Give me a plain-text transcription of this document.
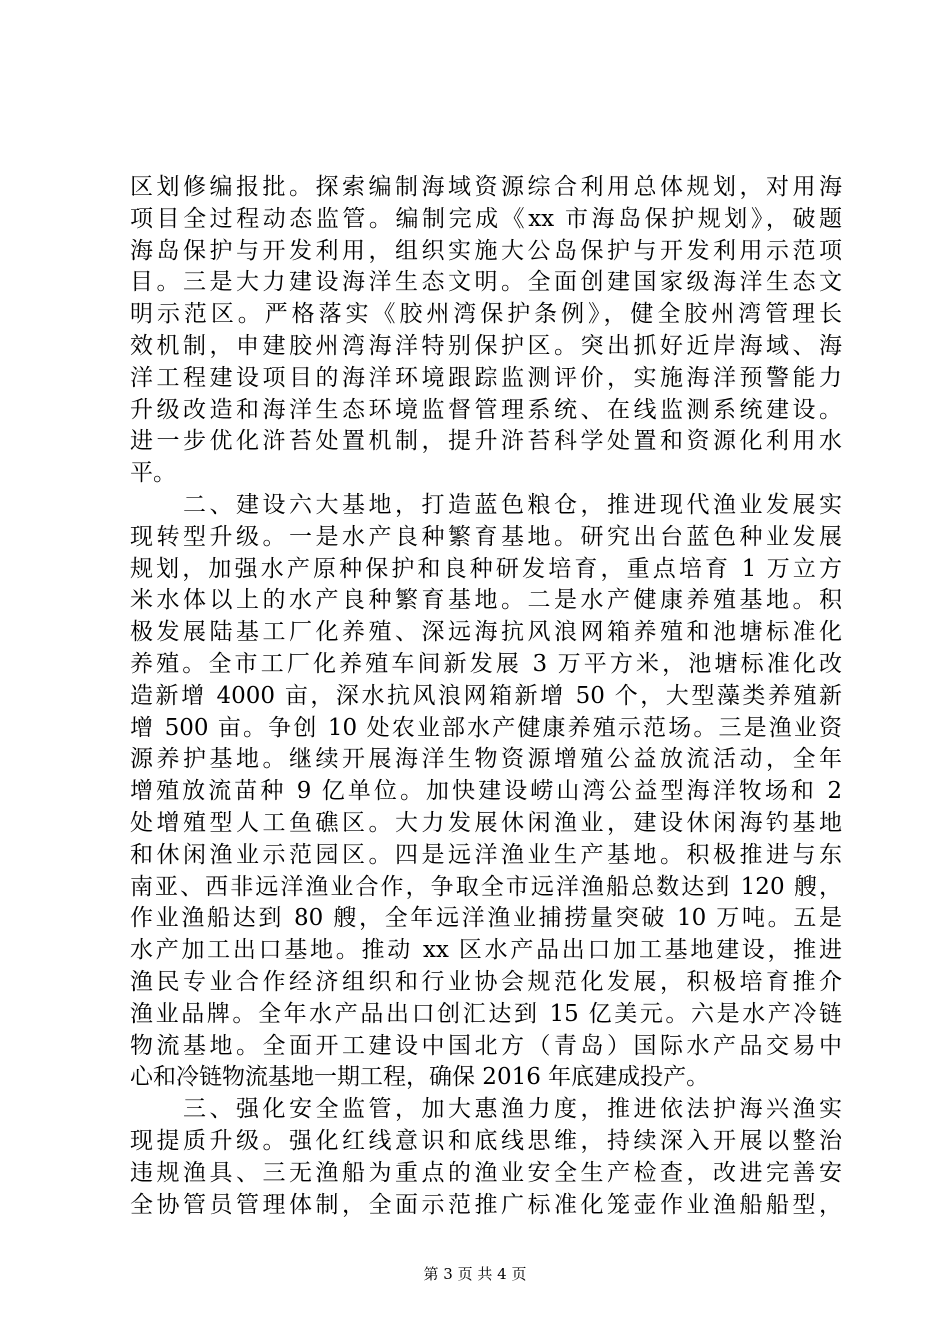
区划修编报批。探索编制海域资源综合利用总体规划，对用海
项目全过程动态监管。编制完成《xx 市海岛保护规划》，破题
海岛保护与开发利用，组织实施大公岛保护与开发利用示范项
目。三是大力建设海洋生态文明。全面创建国家级海洋生态文
明示范区。严格落实《胶州湾保护条例》，健全胶州湾管理长
效机制，申建胶州湾海洋特别保护区。突出抓好近岸海域、海
洋工程建设项目的海洋环境跟踪监测评价，实施海洋预警能力
升级改造和海洋生态环境监督管理系统、在线监测系统建设。
进一步优化浒苔处置机制，提升浒苔科学处置和资源化利用水
平。
　　二、建设六大基地，打造蓝色粮仓，推进现代渔业发展实
现转型升级。一是水产良种繁育基地。研究出台蓝色种业发展
规划，加强水产原种保护和良种研发培育，重点培育 1 万立方
米水体以上的水产良种繁育基地。二是水产健康养殖基地。积
极发展陆基工厂化养殖、深远海抗风浪网箱养殖和池塘标准化
养殖。全市工厂化养殖车间新发展 3 万平方米，池塘标准化改
造新增 4000 亩，深水抗风浪网箱新增 50 个，大型藻类养殖新
增 500 亩。争创 10 处农业部水产健康养殖示范场。三是渔业资
源养护基地。继续开展海洋生物资源增殖公益放流活动，全年
增殖放流苗种 9 亿单位。加快建设崂山湾公益型海洋牧场和 2
处增殖型人工鱼礁区。大力发展休闲渔业，建设休闲海钓基地
和休闲渔业示范园区。四是远洋渔业生产基地。积极推进与东
南亚、西非远洋渔业合作，争取全市远洋渔船总数达到 120 艘，
作业渔船达到 80 艘，全年远洋渔业捕捞量突破 10 万吨。五是
水产加工出口基地。推动 xx 区水产品出口加工基地建设，推进
渔民专业合作经济组织和行业协会规范化发展，积极培育推介
渔业品牌。全年水产品出口创汇达到 15 亿美元。六是水产冷链
物流基地。全面开工建设中国北方（青岛）国际水产品交易中
心和冷链物流基地一期工程，确保 2016 年底建成投产。
　　三、强化安全监管，加大惠渔力度，推进依法护海兴渔实
现提质升级。强化红线意识和底线思维，持续深入开展以整治
违规渔具、三无渔船为重点的渔业安全生产检查，改进完善安
全协管员管理体制，全面示范推广标准化笼壶作业渔船船型，
第 3 页 共 4 页
